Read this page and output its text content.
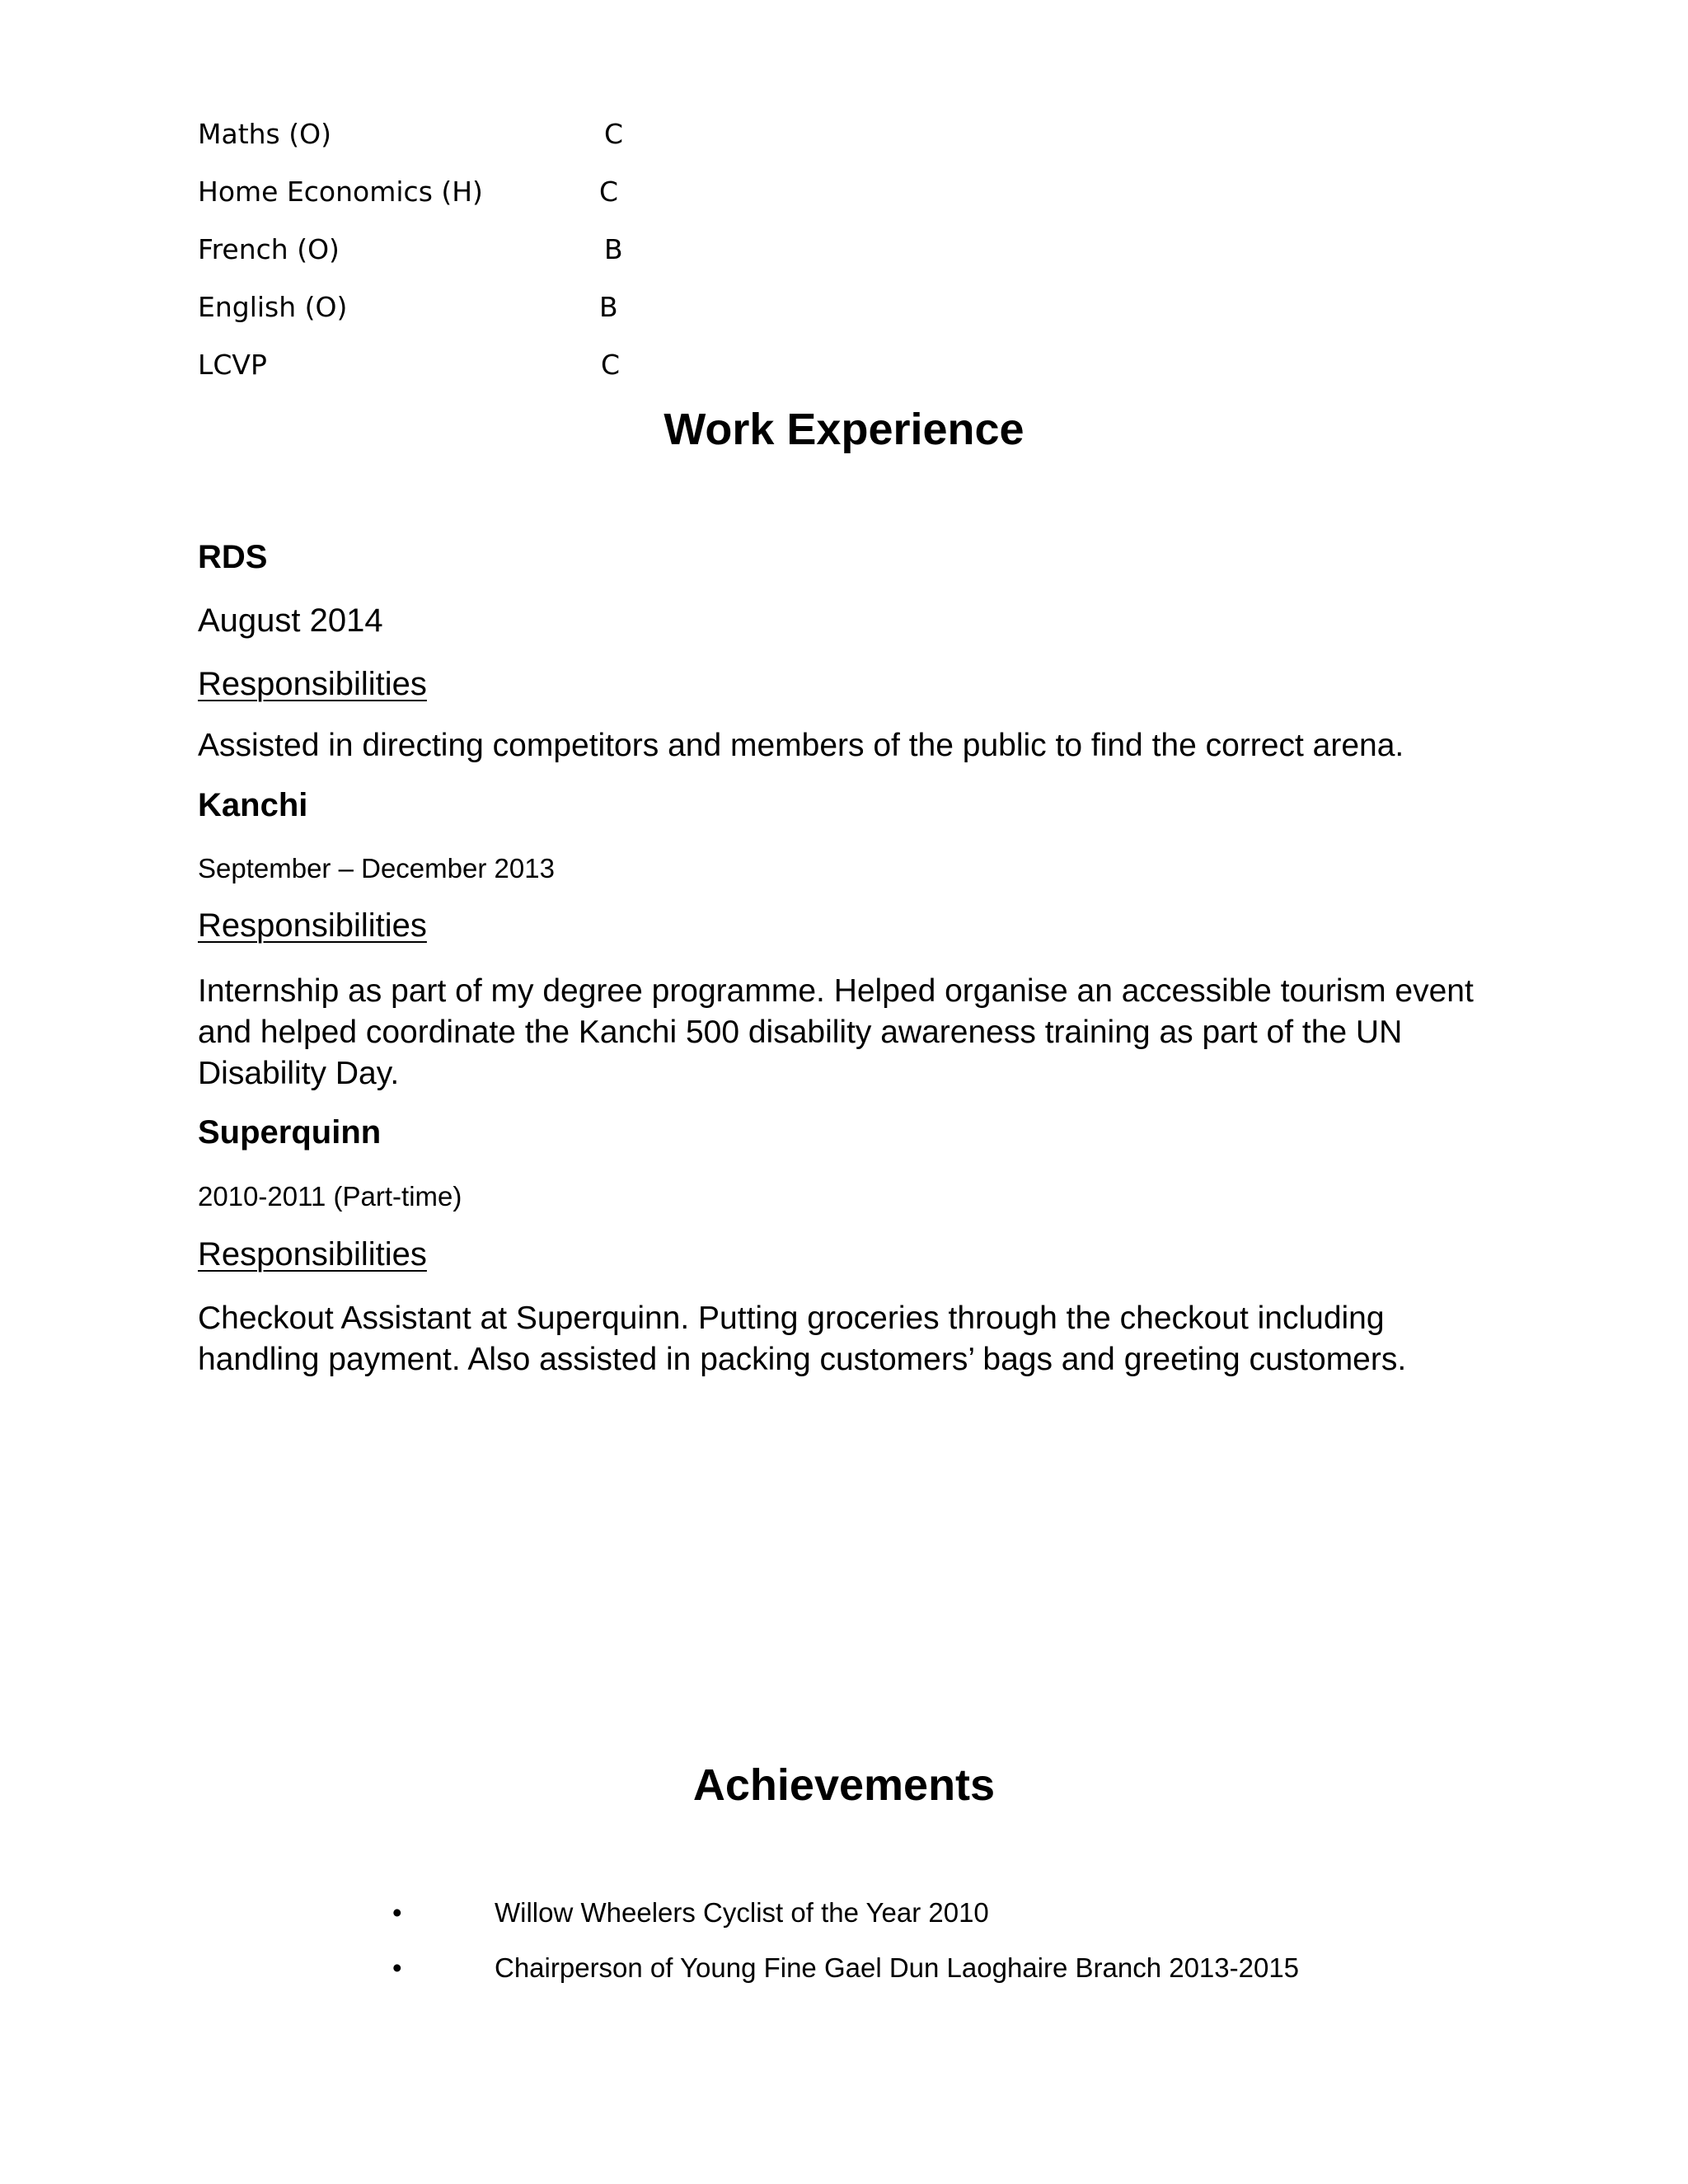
Maths (O)	C
Home Economics (H)	C
French (O)	B
English (O)	B
LCVP	C
Work Experience
RDS
August 2014
Responsibilities

Assisted in directing competitors and members of the public to find the correct arena.

Kanchi
September – December 2013
Responsibilities

Internship as part of my degree programme. Helped organise an accessible tourism event and helped coordinate the Kanchi 500 disability awareness training as part of the UN Disability Day.

Superquinn
2010-2011 (Part-time)
Responsibilities

Checkout Assistant at Superquinn. Putting groceries through the checkout including handling payment. Also assisted in packing customers’ bags and greeting customers.

Achievements
•	Willow Wheelers Cyclist of the Year 2010
•	Chairperson of Young Fine Gael Dun Laoghaire Branch 2013-2015
